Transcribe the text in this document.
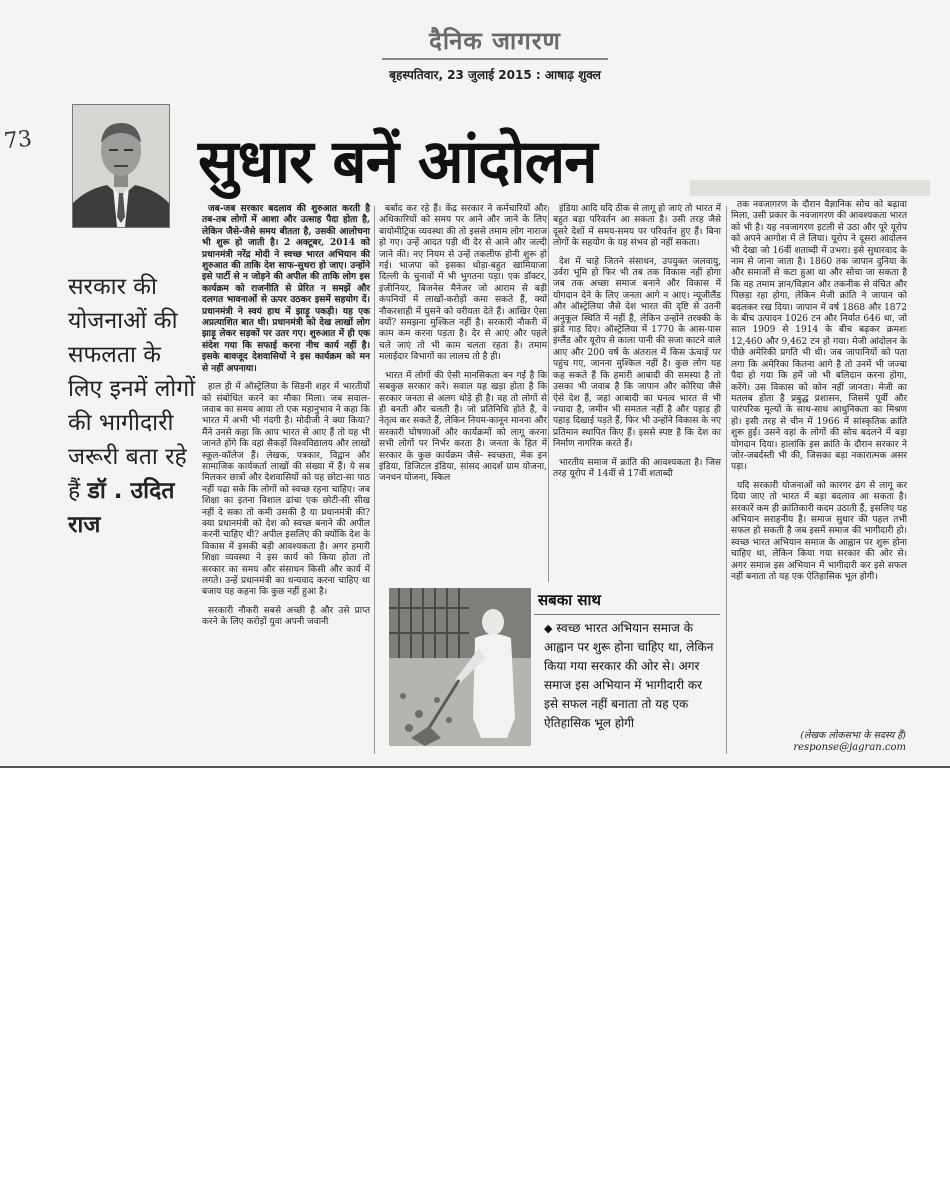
73
दैनिक जागरण
बृहस्पतिवार, 23 जुलाई 2015 : आषाढ़ शुक्ल
सुधार बनें आंदोलन
सरकार की योजनाओं की सफलता के लिए इनमें लोगों की भागीदारी जरूरी बता रहे हैं डॉ . उदित राज

जब-जब सरकार बदलाव की शुरुआत करती है तब-तब लोगों में आशा और उत्साह पैदा होता है, लेकिन जैसे-जैसे समय बीतता है, उसकी आलोचना भी शुरू हो जाती है। 2 अक्टूबर, 2014 को प्रधानमंत्री नरेंद्र मोदी ने स्वच्छ भारत अभियान की शुरुआत की ताकि देश साफ-सुथरा हो जाए। उन्होंने इसे पार्टी से न जोड़ने की अपील की ताकि लोग इस कार्यक्रम को राजनीति से प्रेरित न समझें और दलगत भावनाओं से ऊपर उठकर इसमें सहयोग दें। प्रधानमंत्री ने स्वयं हाथ में झाड़ू पकड़ी। यह एक अप्रत्याशित बात थी। प्रधानमंत्री को देख लाखों लोग झाड़ू लेकर सड़कों पर उतर गए। शुरुआत में ही एक संदेश गया कि सफाई करना नीच कार्य नहीं है। इसके बावजूद देशवासियों ने इस कार्यक्रम को मन से नहीं अपनाया।

हाल ही में ऑस्ट्रेलिया के सिडनी शहर में भारतीयों को संबोधित करने का मौका मिला। जब सवाल-जवाब का समय आया तो एक महानुभाव ने कहा कि भारत में अभी भी गंदगी है। मोदीजी ने क्या किया? मैंने उनसे कहा कि आप भारत से आए हैं तो यह भी जानते होंगे कि वहां सैकड़ों विश्वविद्यालय और लाखों स्कूल-कॉलेज हैं। लेखक, पत्रकार, विद्वान और सामाजिक कार्यकर्ता लाखों की संख्या में हैं। ये सब मिलकर छात्रों और देशवासियों को यह छोटा-सा पाठ नहीं पढ़ा सके कि लोगों को स्वच्छ रहना चाहिए। जब शिक्षा का इतना विशाल ढांचा एक छोटी-सी सीख नहीं दे सका तो कमी उसकी है या प्रधानमंत्री की? क्या प्रधानमंत्री को देश को स्वच्छ बनाने की अपील करनी चाहिए थी? अपील इसलिए की क्योंकि देश के विकास में इसकी बड़ी आवश्यकता है। अगर हमारी शिक्षा व्यवस्था ने इस कार्य को किया होता तो सरकार का समय और संसाधन किसी और कार्य में लगते। उन्हें प्रधानमंत्री का धन्यवाद करना चाहिए था बजाय यह कहना कि कुछ नहीं हुआ है।

सरकारी नौकरी सबसे अच्छी है और उसे प्राप्त करने के लिए करोड़ों युवा अपनी जवानी

बर्बाद कर रहे हैं। केंद्र सरकार ने कर्मचारियों और अधिकारियों को समय पर आने और जाने के लिए बायोमीट्रिक व्यवस्था की तो इससे तमाम लोग नाराज हो गए। उन्हें आदत पड़ी थी देर से आने और जल्दी जाने की। नए नियम से उन्हें तकलीफ होनी शुरू हो गई। भाजपा को इसका थोड़ा-बहुत खामियाजा दिल्ली के चुनावों में भी भुगतना पड़ा। एक डॉक्टर, इंजीनियर, बिजनेस मैनेजर जो आराम से बड़ी कंपनियों में लाखों-करोड़ों कमा सकते हैं, क्यों नौकरशाही में घुसने को वरीयता देते हैं। आखिर ऐसा क्यों? समझना मुश्किल नहीं है। सरकारी नौकरी में काम कम करना पड़ता है। देर से आएं और पहले चले जाएं तो भी काम चलता रहता है। तमाम मलाईदार विभागों का लालच तो है ही।

भारत में लोगों की ऐसी मानसिकता बन गई है कि सबकुछ सरकार करे। सवाल यह खड़ा होता है कि सरकार जनता से अलग थोड़े ही है। वह तो लोगों से ही बनती और चलती है। जो प्रतिनिधि होते हैं, वे नेतृत्व कर सकते हैं, लेकिन नियम-कानून मानना और सरकारी घोषणाओं और कार्यक्रमों को लागू करना सभी लोगों पर निर्भर करता है। जनता के हित में सरकार के कुछ कार्यक्रम जैसे- स्वच्छता, मेक इन इंडिया, डिजिटल इंडिया, सांसद आदर्श ग्राम योजना, जनधन योजना, स्किल

इंडिया आदि यदि ठीक से लागू हो जाएं तो भारत में बहुत बड़ा परिवर्तन आ सकता है। उसी तरह जैसे दूसरे देशों में समय-समय पर परिवर्तन हुए हैं। बिना लोगों के सहयोग के यह संभव हो नहीं सकता।

देश में चाहे जितने संसाधन, उपयुक्त जलवायु, उर्वरा भूमि हो फिर भी तब तक विकास नहीं होगा जब तक अच्छा समाज बनाने और विकास में योगदान देने के लिए जनता आगे न आए। न्यूजीलैंड और ऑस्ट्रेलिया जैसे देश भारत की दृष्टि से उतनी अनुकूल स्थिति में नहीं हैं, लेकिन उन्होंने तरक्की के झंडे गाड़ दिए। ऑस्ट्रेलिया में 1770 के आस-पास इंग्लैंड और यूरोप से काला पानी की सजा काटने वाले आए और 200 वर्ष के अंतराल में किस ऊंचाई पर पहुंच गए, जानना मुश्किल नहीं है। कुछ लोग यह कह सकते हैं कि हमारी आबादी की समस्या है तो उसका भी जवाब है कि जापान और कोरिया जैसे ऐसे देश हैं, जहां आबादी का घनत्व भारत से भी ज्यादा है, जमीन भी समतल नहीं है और पहाड़ ही पहाड़ दिखाई पड़ते हैं, फिर भी उन्होंने विकास के नए प्रतिमान स्थापित किए हैं। इससे स्पष्ट है कि देश का निर्माण नागरिक करते हैं।

भारतीय समाज में क्रांति की आवश्यकता है। जिस तरह यूरोप में 14वीं से 17वीं शताब्दी

तक नवजागरण के दौरान वैज्ञानिक सोच को बढ़ावा मिला, उसी प्रकार के नवजागरण की आवश्यकता भारत को भी है। यह नवजागरण इटली से उठा और पूरे यूरोप को अपने आगोश में ले लिया। यूरोप ने दूसरा आंदोलन भी देखा जो 16वीं शताब्दी में उभरा। इसे सुधारवाद के नाम से जाना जाता है। 1860 तक जापान दुनिया के और समाजों से कटा हुआ था और सोचा जा सकता है कि वह तमाम ज्ञान/विज्ञान और तकनीक से वंचित और पिछड़ा रहा होगा, लेकिन मेजी क्रांति ने जापान को बदलकर रख दिया। जापान में वर्ष 1868 और 1872 के बीच उत्पादन 1026 टन और निर्यात 646 था, जो साल 1909 से 1914 के बीच बढ़कर क्रमशः 12,460 और 9,462 टन हो गया। मेजी आंदोलन के पीछे अमेरिकी प्रगति भी थी। जब जापानियों को पता लगा कि अमेरिका कितना आगे है तो उनमें भी जज्बा पैदा हो गया कि हमें जो भी बलिदान करना होगा, करेंगे। उस विकास को कोन नहीं जानता। मेजी का मतलब होता है प्रबुद्ध प्रशासन, जिसमें पूर्वी और पारंपरिक मूल्यों के साथ-साथ आधुनिकता का मिश्रण हो। इसी तरह से चीन में 1966 में सांस्कृतिक क्रांति शुरू हुई। उसने वहां के लोगों की सोच बदलने में बड़ा योगदान दिया। हालांकि इस क्रांति के दौरान सरकार ने जोर-जबर्दस्ती भी की, जिसका बड़ा नकारात्मक असर पड़ा।

यदि सरकारी योजनाओं को कारगर ढंग से लागू कर दिया जाए तो भारत में बड़ा बदलाव आ सकता है। सरकारें कम ही क्रांतिकारी कदम उठाती हैं, इसलिए यह अभियान सराहनीय है। समाज सुधार की पहल तभी सफल हो सकती है जब इसमें समाज की भागीदारी हो। स्वच्छ भारत अभियान समाज के आह्वान पर शुरू होना चाहिए था, लेकिन किया गया सरकार की ओर से। अगर समाज इस अभियान में भागीदारी कर इसे सफल नहीं बनाता तो यह एक ऐतिहासिक भूल होगी।

सबका साथ
◆ स्वच्छ भारत अभियान समाज के आह्वान पर शुरू होना चाहिए था, लेकिन किया गया सरकार की ओर से। अगर समाज इस अभियान में भागीदारी कर इसे सफल नहीं बनाता तो यह एक ऐतिहासिक भूल होगी
(लेखक लोकसभा के सदस्य हैं)
response@jagran.com
